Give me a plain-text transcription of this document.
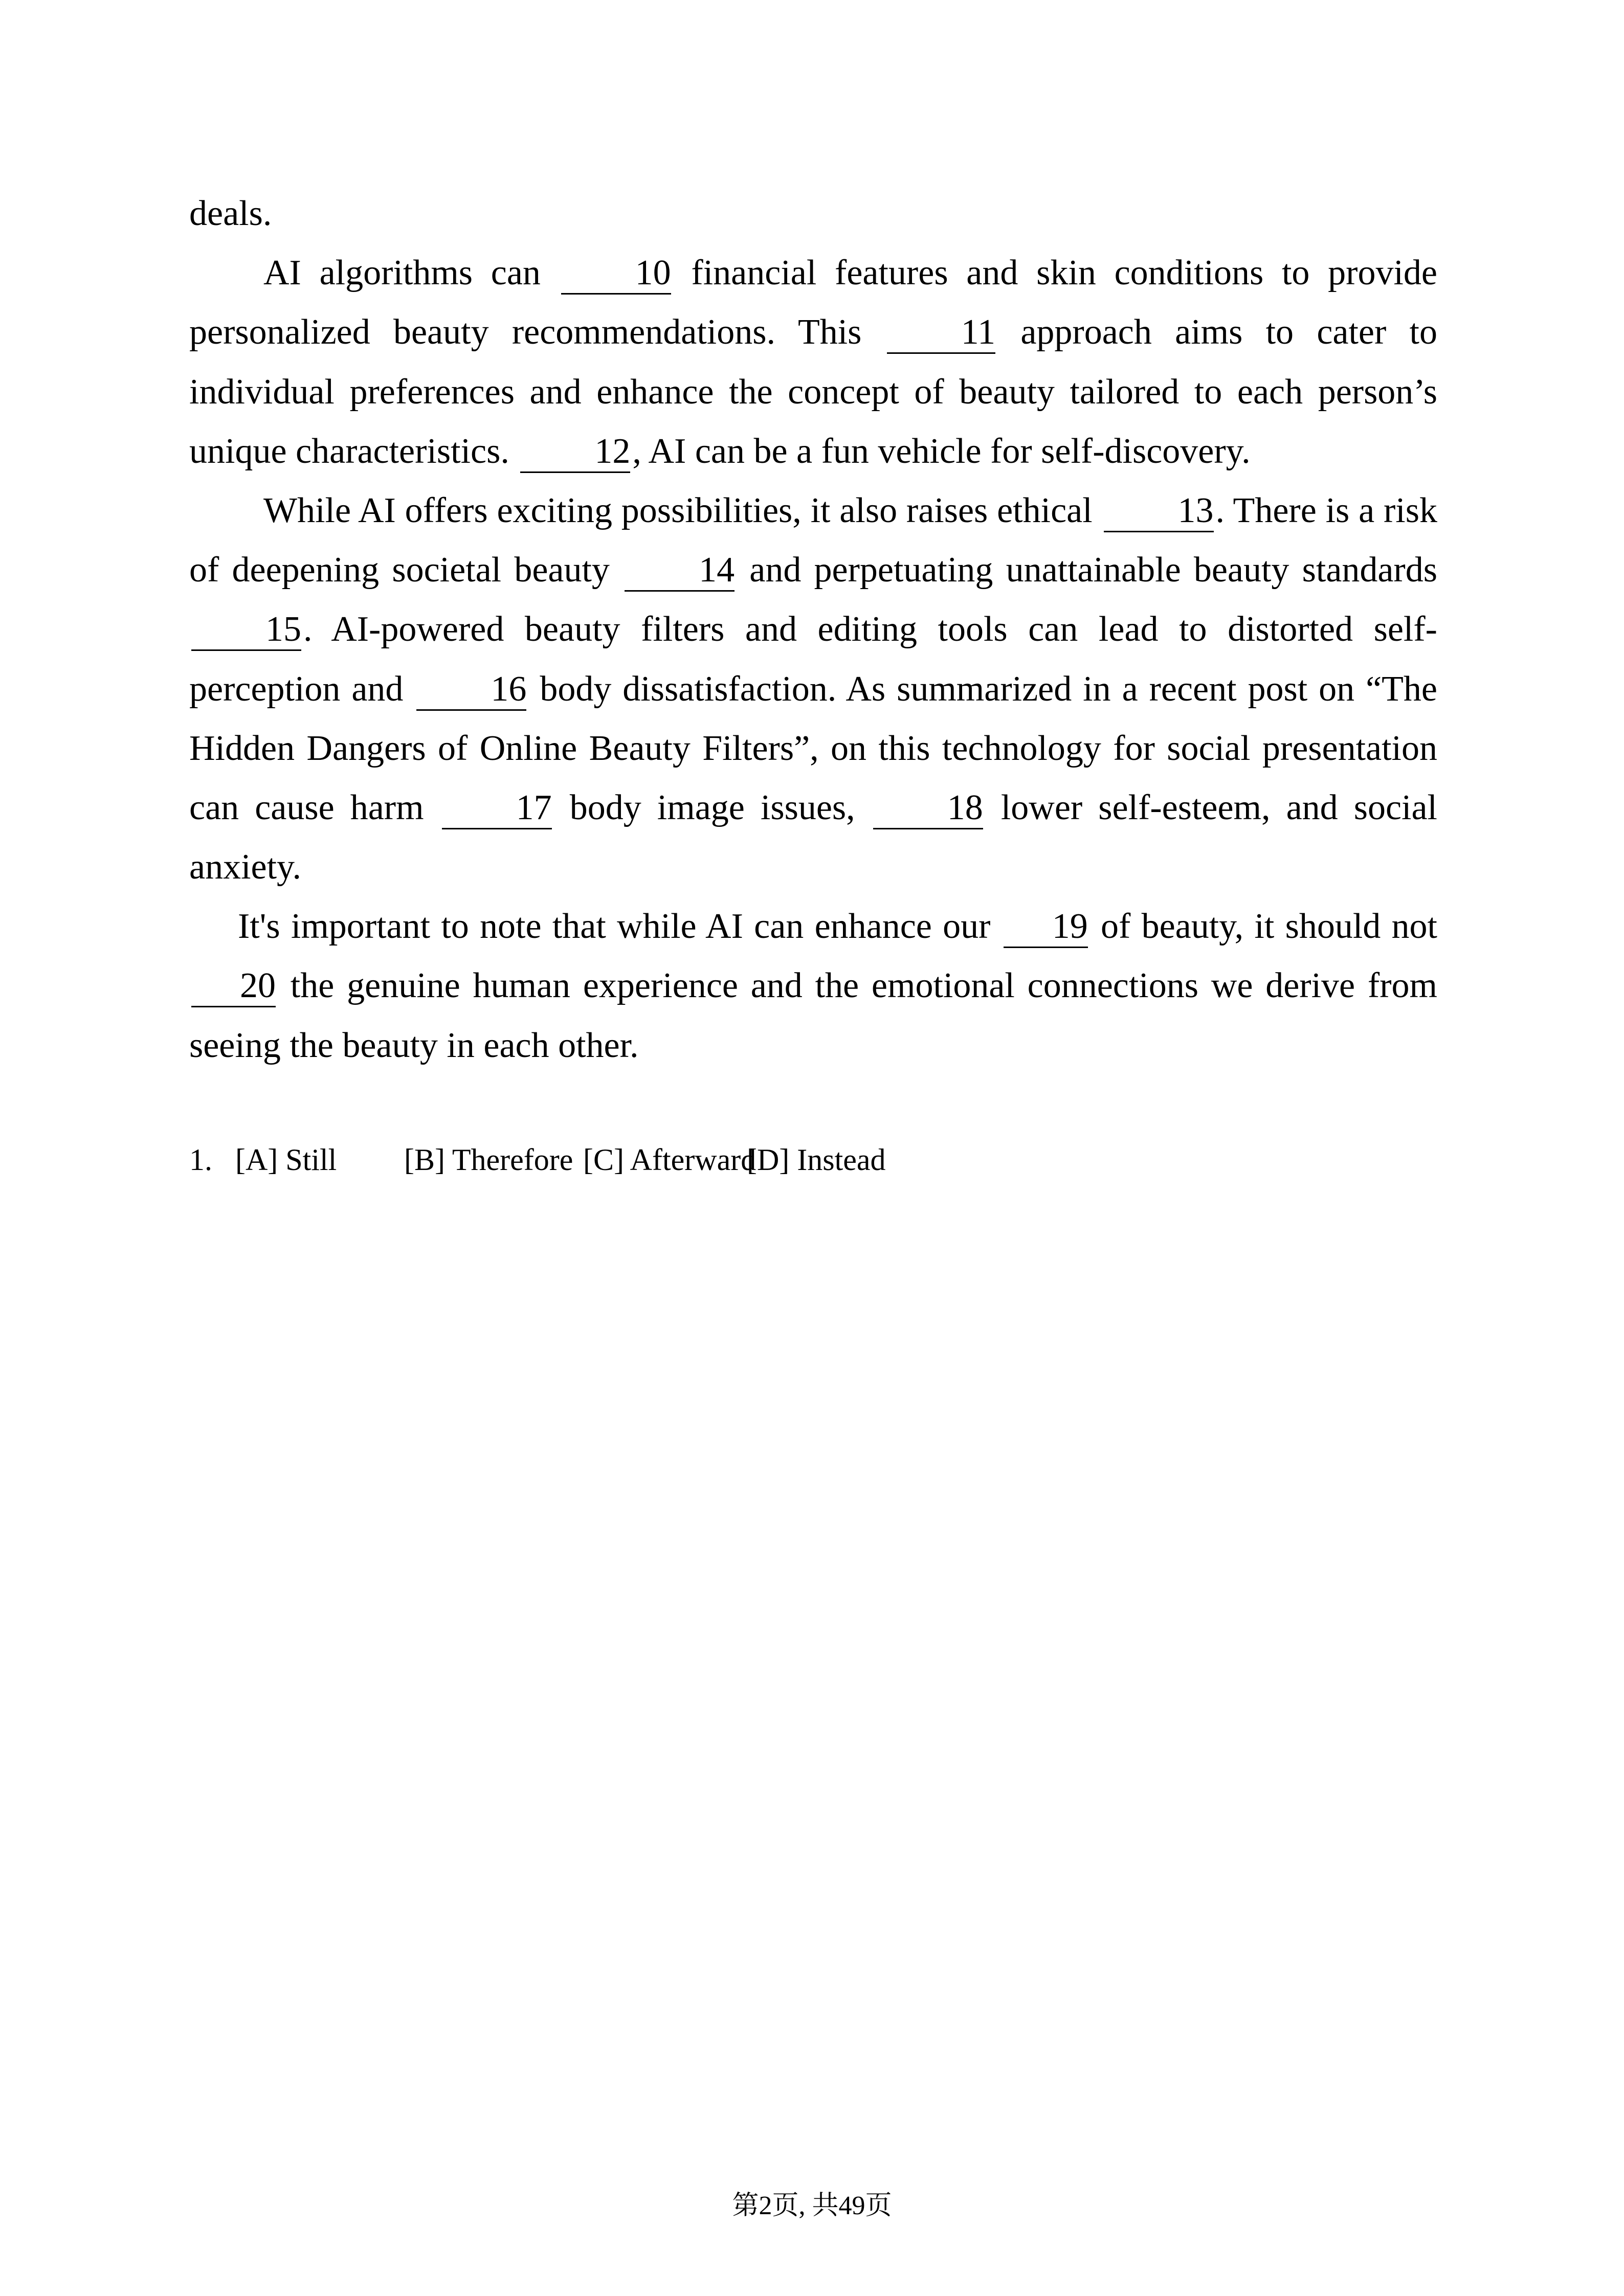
deals.

AI algorithms can 10 financial features and skin conditions to provide personalized beauty recommendations. This 11 approach aims to cater to individual preferences and enhance the concept of beauty tailored to each person’s unique characteristics. 12, AI can be a fun vehicle for self-discovery.

While AI offers exciting possibilities, it also raises ethical 13. There is a risk of deepening societal beauty 14 and perpetuating unattainable beauty standards 15. AI-powered beauty filters and editing tools can lead to distorted self-perception and 16 body dissatisfaction. As summarized in a recent post on “The Hidden Dangers of Online Beauty Filters”, on this technology for social presentation can cause harm 17 body image issues, 18 lower self-esteem, and social anxiety.

It's important to note that while AI can enhance our 19 of beauty, it should not 20 the genuine human experience and the emotional connections we derive from seeing the beauty in each other.

1. [A] Still [B] Therefore [C] Afterward[D] Instead
第2页, 共49页
